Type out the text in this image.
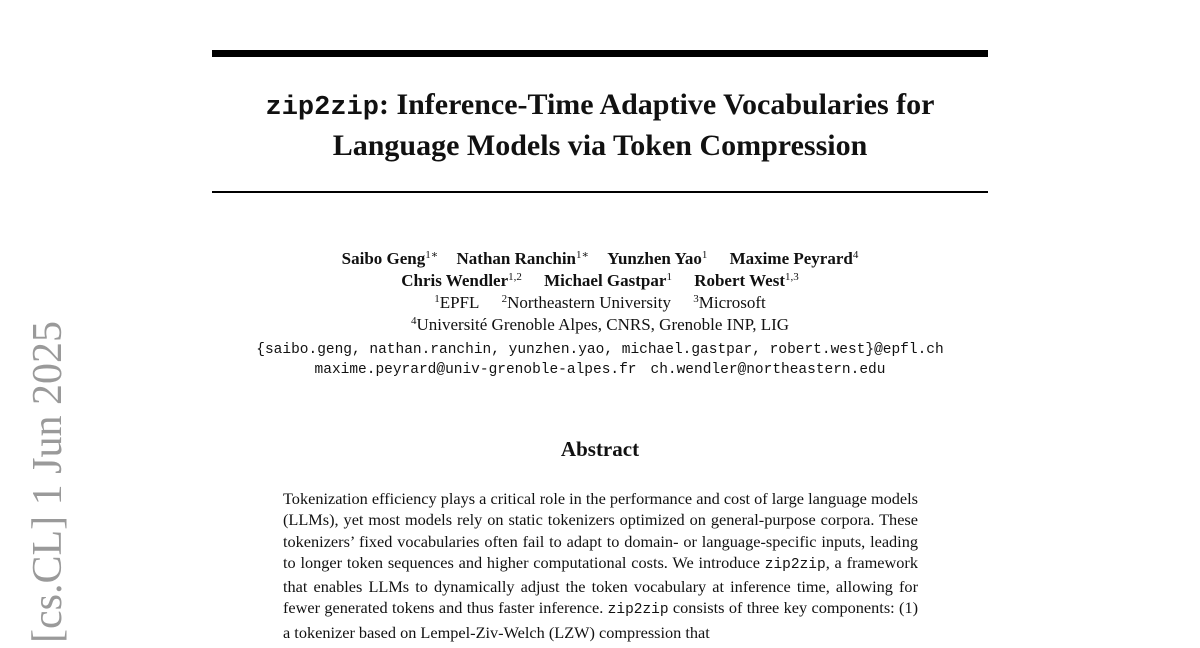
[cs.CL] 1 Jun 2025
zip2zip: Inference-Time Adaptive Vocabularies for
Language Models via Token Compression
Saibo Geng$^{1∗}$ Nathan Ranchin$^{1∗}$ Yunzhen Yao$^1$ Maxime Peyrard$^4$
Chris Wendler$^{1,2}$ Michael Gastpar$^1$ Robert West$^{1,3}$
$^1$EPFL $^2$Northeastern University $^3$Microsoft
$^4$Université Grenoble Alpes, CNRS, Grenoble INP, LIG
{saibo.geng, nathan.ranchin, yunzhen.yao, michael.gastpar, robert.west}@epfl.ch
maxime.peyrard@univ-grenoble-alpes.fr ch.wendler@northeastern.edu
Abstract
Tokenization efficiency plays a critical role in the performance and cost of large language models (LLMs), yet most models rely on static tokenizers optimized on general-purpose corpora. These tokenizers’ fixed vocabularies often fail to adapt to domain- or language-specific inputs, leading to longer token sequences and higher computational costs. We introduce zip2zip, a framework that enables LLMs to dynamically adjust the token vocabulary at inference time, allowing for fewer generated tokens and thus faster inference. zip2zip consists of three key components: (1) a tokenizer based on Lempel-Ziv-Welch (LZW) compression that
